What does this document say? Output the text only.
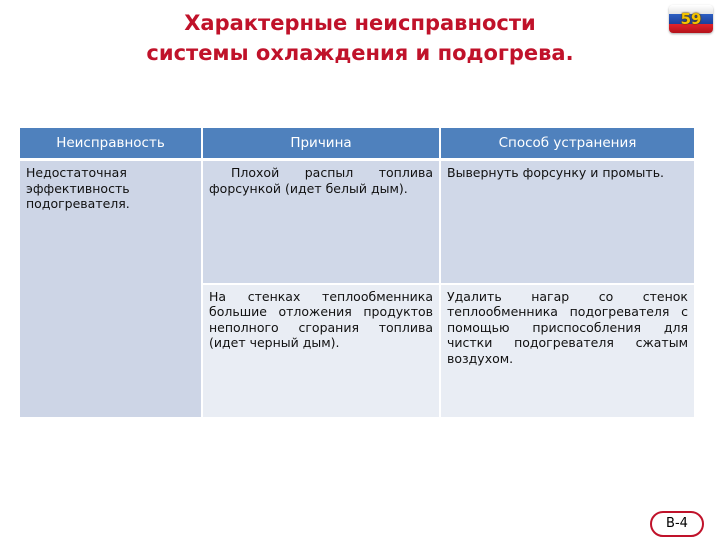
Характерные неисправности
системы охлаждения и подогрева.
59
Неисправность	Причина	Способ устранения
Недостаточная эффективность подогревателя.	Плохой распыл топлива форсункой (идет белый дым).	Вывернуть форсунку и промыть.
	На стенках теплообменника большие отложения продуктов неполного сгорания топлива (идет черный дым).	Удалить нагар со стенок теплообменника подогревателя с помощью приспособления для чистки подогревателя сжатым воздухом.
В-4
